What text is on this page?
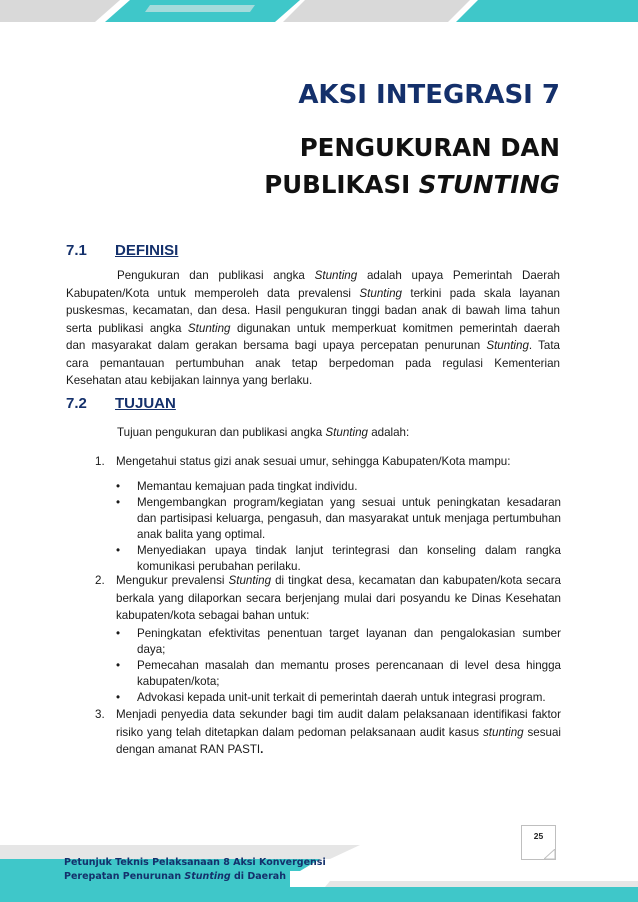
AKSI INTEGRASI 7
PENGUKURAN DAN
PUBLIKASI STUNTING
7.1 DEFINISI
Pengukuran dan publikasi angka Stunting adalah upaya Pemerintah Daerah
Kabupaten/Kota untuk memperoleh data prevalensi Stunting terkini pada skala layanan
puskesmas, kecamatan, dan desa. Hasil pengukuran tinggi badan anak di bawah lima tahun
serta publikasi angka Stunting digunakan untuk memperkuat komitmen pemerintah daerah
dan masyarakat dalam gerakan bersama bagi upaya percepatan penurunan Stunting. Tata
cara pemantauan pertumbuhan anak tetap berpedoman pada regulasi Kementerian
Kesehatan atau kebijakan lainnya yang berlaku.
7.2 TUJUAN
Tujuan pengukuran dan publikasi angka Stunting adalah:
1. Mengetahui status gizi anak sesuai umur, sehingga Kabupaten/Kota mampu:
• Memantau kemajuan pada tingkat individu.
• Mengembangkan program/kegiatan yang sesuai untuk peningkatan kesadaran dan partisipasi keluarga, pengasuh, dan masyarakat untuk menjaga pertumbuhan anak balita yang optimal.
• Menyediakan upaya tindak lanjut terintegrasi dan konseling dalam rangka komunikasi perubahan perilaku.
2. Mengukur prevalensi Stunting di tingkat desa, kecamatan dan kabupaten/kota secara berkala yang dilaporkan secara berjenjang mulai dari posyandu ke Dinas Kesehatan kabupaten/kota sebagai bahan untuk:
• Peningkatan efektivitas penentuan target layanan dan pengalokasian sumber daya;
• Pemecahan masalah dan memantu proses perencanaan di level desa hingga kabupaten/kota;
• Advokasi kepada unit-unit terkait di pemerintah daerah untuk integrasi program.
3. Menjadi penyedia data sekunder bagi tim audit dalam pelaksanaan identifikasi faktor risiko yang telah ditetapkan dalam pedoman pelaksanaan audit kasus stunting sesuai dengan amanat RAN PASTI.
25
Petunjuk Teknis Pelaksanaan 8 Aksi Konvergensi
Perepatan Penurunan Stunting di Daerah
